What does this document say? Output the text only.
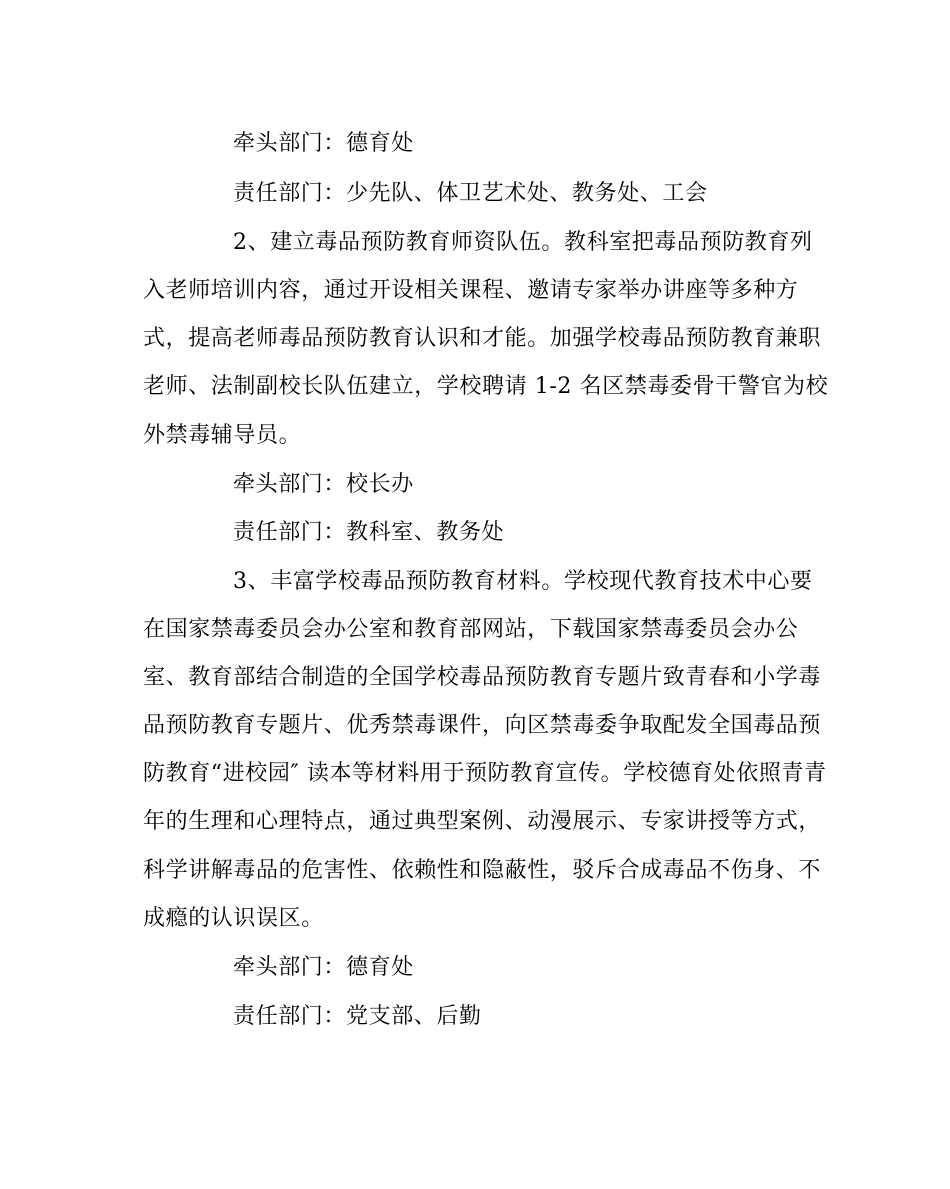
牵头部门：德育处
责任部门：少先队、体卫艺术处、教务处、工会
2、建立毒品预防教育师资队伍。教科室把毒品预防教育列
入老师培训内容，通过开设相关课程、邀请专家举办讲座等多种方
式，提高老师毒品预防教育认识和才能。加强学校毒品预防教育兼职
老师、法制副校长队伍建立，学校聘请 1-2 名区禁毒委骨干警官为校
外禁毒辅导员。
牵头部门：校长办
责任部门：教科室、教务处
3、丰富学校毒品预防教育材料。学校现代教育技术中心要
在国家禁毒委员会办公室和教育部网站，下载国家禁毒委员会办公
室、教育部结合制造的全国学校毒品预防教育专题片致青春和小学毒
品预防教育专题片、优秀禁毒课件，向区禁毒委争取配发全国毒品预
防教育“进校园″ 读本等材料用于预防教育宣传。学校德育处依照青青
年的生理和心理特点，通过典型案例、动漫展示、专家讲授等方式，
科学讲解毒品的危害性、依赖性和隐蔽性，驳斥合成毒品不伤身、不
成瘾的认识误区。
牵头部门：德育处
责任部门：党支部、后勤
